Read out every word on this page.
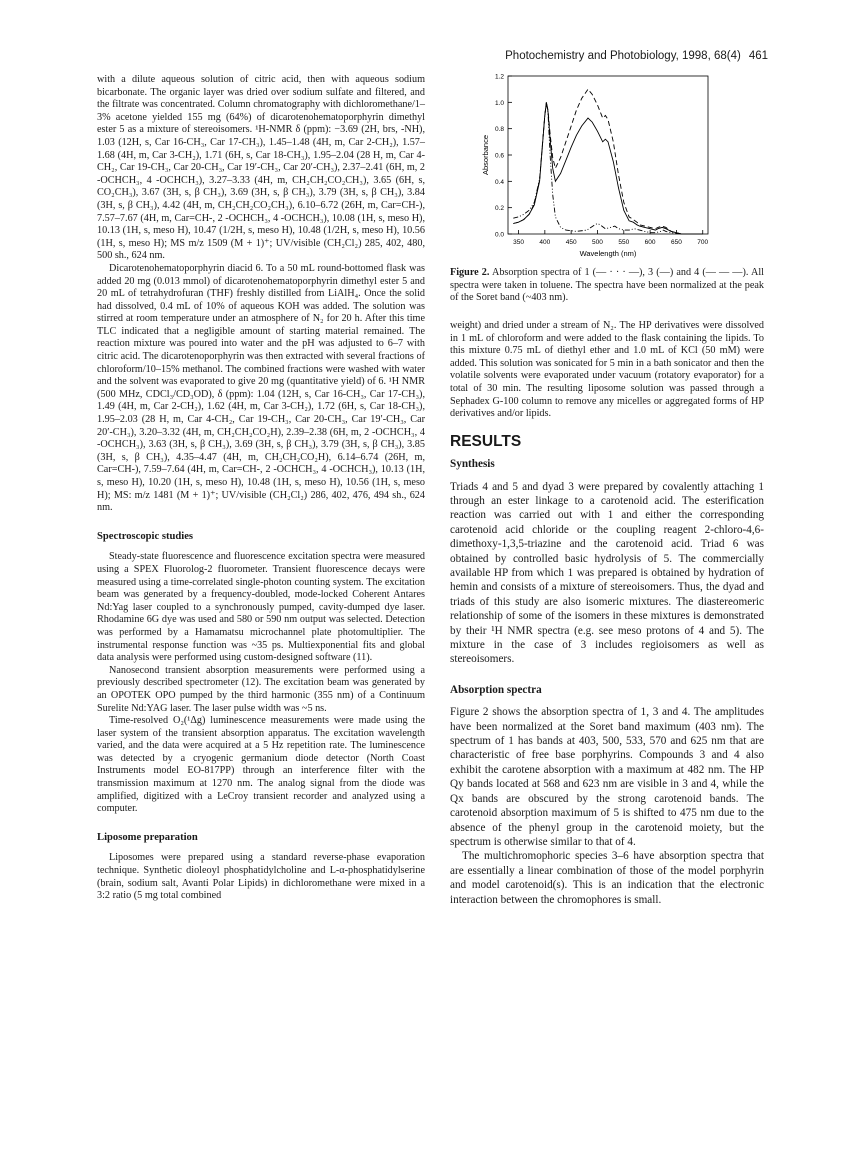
Photochemistry and Photobiology, 1998, 68(4) 461

with a dilute aqueous solution of citric acid, then with aqueous sodium bicarbonate. The organic layer was dried over sodium sulfate and filtered, and the filtrate was concentrated. Column chromatography with dichloromethane/1–3% acetone yielded 155 mg (64%) of dicarotenohematoporphyrin dimethyl ester 5 as a mixture of stereoisomers. ¹H-NMR δ (ppm): −3.69 (2H, brs, -NH), 1.03 (12H, s, Car 16-CH₃, Car 17-CH₃), 1.45–1.48 (4H, m, Car 2-CH₂), 1.57–1.68 (4H, m, Car 3-CH₂), 1.71 (6H, s, Car 18-CH₃), 1.95–2.04 (28 H, m, Car 4-CH₂, Car 19-CH₃, Car 20-CH₃, Car 19′-CH₃, Car 20′-CH₃), 2.37–2.41 (6H, m, 2 -OCHCH₃, 4 -OCHCH₃), 3.27–3.33 (4H, m, CH₂CH₂CO₂CH₃), 3.65 (6H, s, CO₂CH₃), 3.67 (3H, s, β CH₃), 3.69 (3H, s, β CH₃), 3.79 (3H, s, β CH₃), 3.84 (3H, s, β CH₃), 4.42 (4H, m, CH₂CH₂CO₂CH₃), 6.10–6.72 (26H, m, Car=CH-), 7.57–7.67 (4H, m, Car=CH-, 2 -OCHCH₃, 4 -OCHCH₃), 10.08 (1H, s, meso H), 10.13 (1H, s, meso H), 10.47 (1/2H, s, meso H), 10.48 (1/2H, s, meso H), 10.56 (1H, s, meso H); MS m/z 1509 (M + 1)⁺; UV/visible (CH₂Cl₂) 285, 402, 480, 500 sh., 624 nm.

Dicarotenohematoporphyrin diacid 6. To a 50 mL round-bottomed flask was added 20 mg (0.013 mmol) of dicarotenohematoporphyrin dimethyl ester 5 and 20 mL of tetrahydrofuran (THF) freshly distilled from LiAlH₄. Once the solid had dissolved, 0.4 mL of 10% of aqueous KOH was added. The solution was stirred at room temperature under an atmosphere of N₂ for 20 h. After this time TLC indicated that a negligible amount of starting material remained. The reaction mixture was poured into water and the pH was adjusted to 6–7 with citric acid. The dicarotenoporphyrin was then extracted with several fractions of chloroform/10–15% methanol. The combined fractions were washed with water and the solvent was evaporated to give 20 mg (quantitative yield) of 6. ¹H NMR (500 MHz, CDCl₃/CD₃OD), δ (ppm): 1.04 (12H, s, Car 16-CH₃, Car 17-CH₃), 1.49 (4H, m, Car 2-CH₂), 1.62 (4H, m, Car 3-CH₂), 1.72 (6H, s, Car 18-CH₃), 1.95–2.03 (28 H, m, Car 4-CH₂, Car 19-CH₃, Car 20-CH₃, Car 19′-CH₃, Car 20′-CH₃), 3.20–3.32 (4H, m, CH₂CH₂CO₂H), 2.39–2.38 (6H, m, 2 -OCHCH₃, 4 -OCHCH₃), 3.63 (3H, s, β CH₃), 3.69 (3H, s, β CH₃), 3.79 (3H, s, β CH₃), 3.85 (3H, s, β CH₃), 4.35–4.47 (4H, m, CH₂CH₂CO₂H), 6.14–6.74 (26H, m, Car=CH-), 7.59–7.64 (4H, m, Car=CH-, 2 -OCHCH₃, 4 -OCHCH₃), 10.13 (1H, s, meso H), 10.20 (1H, s, meso H), 10.48 (1H, s, meso H), 10.56 (1H, s, meso H); MS: m/z 1481 (M + 1)⁺; UV/visible (CH₂Cl₂) 286, 402, 476, 494 sh., 624 nm.

Spectroscopic studies

Steady-state fluorescence and fluorescence excitation spectra were measured using a SPEX Fluorolog-2 fluorometer. Transient fluorescence decays were measured using a time-correlated single-photon counting system. The excitation beam was generated by a frequency-doubled, mode-locked Coherent Antares Nd:Yag laser coupled to a synchronously pumped, cavity-dumped dye laser. Rhodamine 6G dye was used and 580 or 590 nm output was selected. Detection was performed by a Hamamatsu microchannel plate photomultiplier. The instrumental response function was ~35 ps. Multiexponential fits and global data analysis were performed using custom-designed software (11).

Nanosecond transient absorption measurements were performed using a previously described spectrometer (12). The excitation beam was generated by an OPOTEK OPO pumped by the third harmonic (355 nm) of a Continuum Surelite Nd:YAG laser. The laser pulse width was ~5 ns.

Time-resolved O₂(¹Δg) luminescence measurements were made using the laser system of the transient absorption apparatus. The excitation wavelength varied, and the data were acquired at a 5 Hz repetition rate. The luminescence was detected by a cryogenic germanium diode detector (North Coast Instruments model EO-817PP) through an interference filter with the transmission maximum at 1270 nm. The analog signal from the diode was amplified, digitized with a LeCroy transient recorder and analyzed using a computer.

Liposome preparation

Liposomes were prepared using a standard reverse-phase evaporation technique. Synthetic dioleoyl phosphatidylcholine and L-α-phosphatidylserine (brain, sodium salt, Avanti Polar Lipids) in dichloromethane were mixed in a 3:2 ratio (5 mg total combined

0.0
0.2
0.4
0.6
0.8
1.0
1.2
350 400 450 500 550 600 650 700
Wavelength (nm)
Absorbance
Figure 2. Absorption spectra of 1 (— · · · —), 3 (—) and 4 (— — —). All spectra were taken in toluene. The spectra have been normalized at the peak of the Soret band (~403 nm).

weight) and dried under a stream of N₂. The HP derivatives were dissolved in 1 mL of chloroform and were added to the flask containing the lipids. To this mixture 0.75 mL of diethyl ether and 1.0 mL of KCl (50 mM) were added. This solution was sonicated for 5 min in a bath sonicator and then the volatile solvents were evaporated under vacuum (rotatory evaporator) for a total of 30 min. The resulting liposome solution was passed through a Sephadex G-100 column to remove any micelles or aggregated forms of HP derivatives and/or lipids.

RESULTS
Synthesis

Triads 4 and 5 and dyad 3 were prepared by covalently attaching 1 through an ester linkage to a carotenoid acid. The esterification reaction was carried out with 1 and either the corresponding carotenoid acid chloride or the coupling reagent 2-chloro-4,6-dimethoxy-1,3,5-triazine and the carotenoid acid. Triad 6 was obtained by controlled basic hydrolysis of 5. The commercially available HP from which 1 was prepared is obtained by hydration of hemin and consists of a mixture of stereoisomers. Thus, the dyad and triads of this study are also isomeric mixtures. The diastereomeric relationship of some of the isomers in these mixtures is demonstrated by their ¹H NMR spectra (e.g. see meso protons of 4 and 5). The mixture in the case of 3 includes regioisomers as well as stereoisomers.

Absorption spectra

Figure 2 shows the absorption spectra of 1, 3 and 4. The amplitudes have been normalized at the Soret band maximum (403 nm). The spectrum of 1 has bands at 403, 500, 533, 570 and 625 nm that are characteristic of free base porphyrins. Compounds 3 and 4 also exhibit the carotene absorption with a maximum at 482 nm. The HP Qy bands located at 568 and 623 nm are visible in 3 and 4, while the Qx bands are obscured by the strong carotenoid bands. The carotenoid absorption maximum of 5 is shifted to 475 nm due to the absence of the phenyl group in the carotenoid moiety, but the spectrum is otherwise similar to that of 4.

The multichromophoric species 3–6 have absorption spectra that are essentially a linear combination of those of the model porphyrin and model carotenoid(s). This is an indication that the electronic interaction between the chromophores is small.
